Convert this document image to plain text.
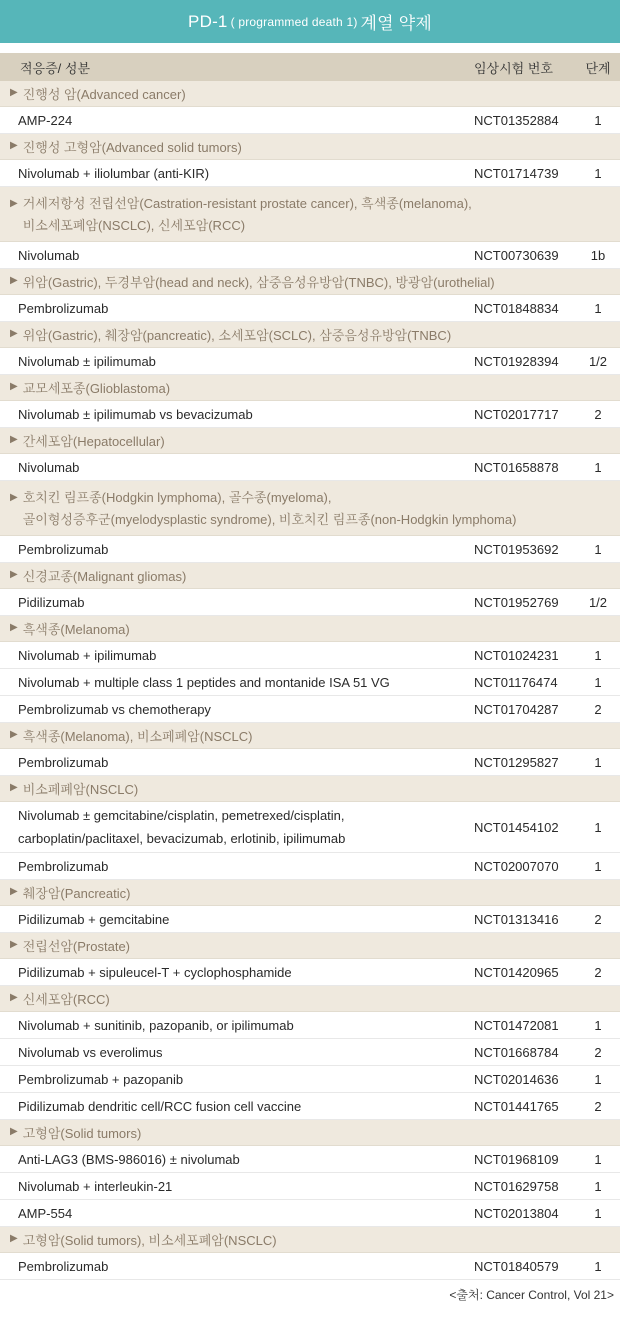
PD-1 ( programmed death 1) 계열 약제
적응증/ 성분	임상시험 번호	단계
▶ 진행성 암(Advanced cancer)
AMP-224	NCT01352884	1
▶ 진행성 고형암(Advanced solid tumors)
Nivolumab + iliolumbar (anti-KIR)	NCT01714739	1
▶ 거세저항성 전립선암(Castration-resistant prostate cancer), 흑색종(melanoma),
비소세포폐암(NSCLC), 신세포암(RCC)
Nivolumab	NCT00730639	1b
▶ 위암(Gastric), 두경부암(head and neck), 삼중음성유방암(TNBC), 방광암(urothelial)
Pembrolizumab	NCT01848834	1
▶ 위암(Gastric), 췌장암(pancreatic), 소세포암(SCLC), 삼중음성유방암(TNBC)
Nivolumab ± ipilimumab	NCT01928394	1/2
▶ 교모세포종(Glioblastoma)
Nivolumab ± ipilimumab vs bevacizumab	NCT02017717	2
▶ 간세포암(Hepatocellular)
Nivolumab	NCT01658878	1
▶ 호치킨 림프종(Hodgkin lymphoma), 골수종(myeloma),
골이형성증후군(myelodysplastic syndrome), 비호치킨 림프종(non-Hodgkin lymphoma)
Pembrolizumab	NCT01953692	1
▶ 신경교종(Malignant gliomas)
Pidilizumab	NCT01952769	1/2
▶ 흑색종(Melanoma)
Nivolumab + ipilimumab	NCT01024231	1
Nivolumab + multiple class 1 peptides and montanide ISA 51 VG	NCT01176474	1
Pembrolizumab vs chemotherapy	NCT01704287	2
▶ 흑색종(Melanoma), 비소페폐암(NSCLC)
Pembrolizumab	NCT01295827	1
▶ 비소페폐암(NSCLC)
Nivolumab ± gemcitabine/cisplatin, pemetrexed/cisplatin,
carboplatin/paclitaxel, bevacizumab, erlotinib, ipilimumab
NCT01454102	1
Pembrolizumab	NCT02007070	1
▶ 췌장암(Pancreatic)
Pidilizumab + gemcitabine	NCT01313416	2
▶ 전립선암(Prostate)
Pidilizumab + sipuleucel-T + cyclophosphamide	NCT01420965	2
▶ 신세포암(RCC)
Nivolumab + sunitinib, pazopanib, or ipilimumab	NCT01472081	1
Nivolumab vs everolimus	NCT01668784	2
Pembrolizumab + pazopanib	NCT02014636	1
Pidilizumab dendritic cell/RCC fusion cell vaccine	NCT01441765	2
▶ 고형암(Solid tumors)
Anti-LAG3 (BMS-986016) ± nivolumab	NCT01968109	1
Nivolumab + interleukin-21	NCT01629758	1
AMP-554	NCT02013804	1
▶ 고형암(Solid tumors), 비소세포폐암(NSCLC)
Pembrolizumab	NCT01840579	1
<출처: Cancer Control, Vol 21>
